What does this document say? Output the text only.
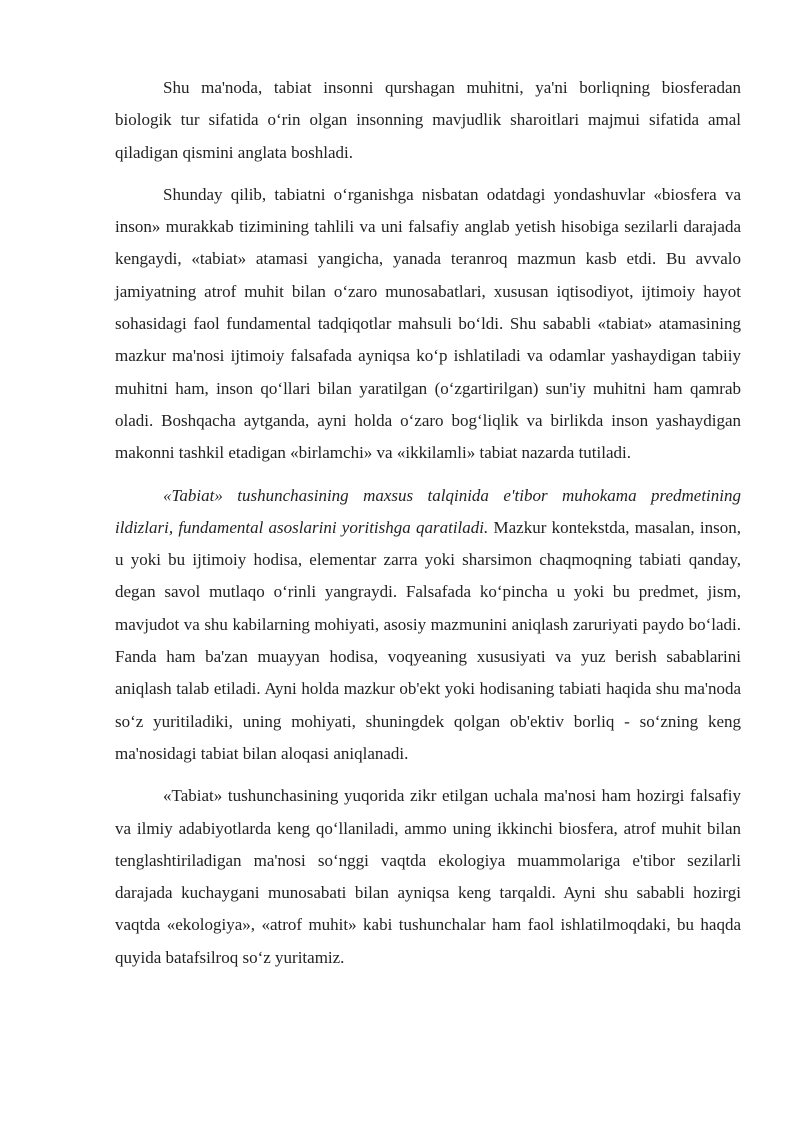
Shu ma'noda, tabiat insonni qurshagan muhitni, ya'ni borliqning biosferadan biologik tur sifatida o‘rin olgan insonning mavjudlik sharoitlari majmui sifatida amal qiladigan qismini anglata boshladi.

Shunday qilib, tabiatni o‘rganishga nisbatan odatdagi yondashuvlar «biosfera va inson» murakkab tizimining tahlili va uni falsafiy anglab yetish hisobiga sezilarli darajada kengaydi, «tabiat» atamasi yangicha, yanada teranroq mazmun kasb etdi. Bu avvalo jamiyatning atrof muhit bilan o‘zaro munosabatlari, xususan iqtisodiyot, ijtimoiy hayot sohasidagi faol fundamental tadqiqotlar mahsuli bo‘ldi. Shu sababli «tabiat» atamasining mazkur ma'nosi ijtimoiy falsafada ayniqsa ko‘p ishlatiladi va odamlar yashaydigan tabiiy muhitni ham, inson qo‘llari bilan yaratilgan (o‘zgartirilgan) sun'iy muhitni ham qamrab oladi. Boshqacha aytganda, ayni holda o‘zaro bog‘liqlik va birlikda inson yashaydigan makonni tashkil etadigan «birlamchi» va «ikkilamli» tabiat nazarda tutiladi.

«Tabiat» tushunchasining maxsus talqinida e'tibor muhokama predmetining ildizlari, fundamental asoslarini yoritishga qaratiladi. Mazkur kontekstda, masalan, inson, u yoki bu ijtimoiy hodisa, elementar zarra yoki sharsimon chaqmoqning tabiati qanday, degan savol mutlaqo o‘rinli yangraydi. Falsafada ko‘pincha u yoki bu predmet, jism, mavjudot va shu kabilarning mohiyati, asosiy mazmunini aniqlash zaruriyati paydo bo‘ladi. Fanda ham ba'zan muayyan hodisa, voqyeaning xususiyati va yuz berish sabablarini aniqlash talab etiladi. Ayni holda mazkur ob'ekt yoki hodisaning tabiati haqida shu ma'noda so‘z yuritiladiki, uning mohiyati, shuningdek qolgan ob'ektiv borliq - so‘zning keng ma'nosidagi tabiat bilan aloqasi aniqlanadi.

«Tabiat» tushunchasining yuqorida zikr etilgan uchala ma'nosi ham hozirgi falsafiy va ilmiy adabiyotlarda keng qo‘llaniladi, ammo uning ikkinchi biosfera, atrof muhit bilan tenglashtiriladigan ma'nosi so‘nggi vaqtda ekologiya muammolariga e'tibor sezilarli darajada kuchaygani munosabati bilan ayniqsa keng tarqaldi. Ayni shu sababli hozirgi vaqtda «ekologiya», «atrof muhit» kabi tushunchalar ham faol ishlatilmoqdaki, bu haqda quyida batafsilroq so‘z yuritamiz.
